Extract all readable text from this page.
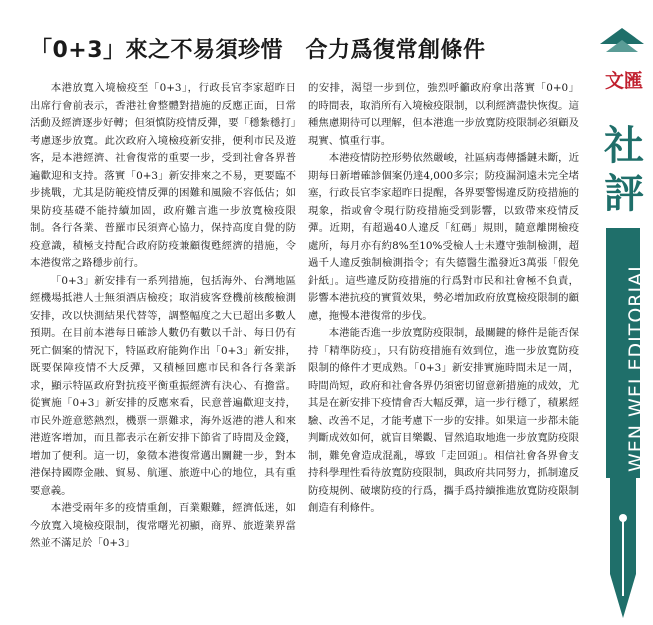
「0+3」來之不易須珍惜　合力爲復常創條件

本港放寬入境檢疫至「0+3」，行政長官李家超昨日出席行會前表示，香港社會整體對措施的反應正面，日常活動及經濟逐步好轉；但須慎防疫情反彈，要「穩紮穩打」考慮逐步放寬。此次政府入境檢疫新安排，便利市民及遊客，是本港經濟、社會復常的重要一步，受到社會各界普遍歡迎和支持。落實「0+3」新安排來之不易，更要臨不步挑戰，尤其是防範疫情反彈的困難和風險不容低估；如果防疫基礎不能持續加固，政府難言進一步放寬檢疫限制。各行各業、普羅市民須齊心協力，保持高度自覺的防疫意識，積極支持配合政府防疫兼顧復甦經濟的措施，令本港復常之路穩步前行。

「0+3」新安排有一系列措施，包括海外、台灣地區經機場抵港人士無須酒店檢疫；取消疲客登機前核酸檢測安排，改以快測結果代替等，調整幅度之大已超出多數人預期。在目前本港每日確診人數仍有數以千計、每日仍有死亡個案的情況下，特區政府能夠作出「0+3」新安排，既要保障疫情不大反彈，又積極回應市民和各行各業訴求，顯示特區政府對抗疫平衡重振經濟有決心、有擔當。從實施「0+3」新安排的反應來看，民意普遍歡迎支持，市民外遊意慾熱烈，機票一票難求，海外返港的港人和來港遊客增加，而且都表示在新安排下節省了時間及金錢，增加了便利。這一切，象徵本港復常邁出關鍵一步，對本港保持國際金融、貿易、航運、旅遊中心的地位，具有重要意義。

本港受兩年多的疫情重創，百業艱難，經濟低迷，如今放寬入境檢疫限制，復常曙光初顯，商界、旅遊業界當然並不滿足於「0+3」

的安排，渴望一步到位，強烈呼籲政府拿出落實「0+0」的時間表，取消所有入境檢疫限制，以利經濟盡快恢復。這種焦慮期待可以理解，但本港進一步放寬防疫限制必須顧及現實、慎重行事。

本港疫情防控形勢依然嚴峻，社區病毒傳播鏈未斷，近期每日新增確診個案仍達4,000多宗；防疫漏洞遠未完全堵塞，行政長官李家超昨日提醒，各界要警惕違反防疫措施的現象，指或會令現行防疫措施受到影響，以致帶來疫情反彈。近期，有超過40人違反「紅碼」規則，隨意離開檢疫處所，每月亦有約8%至10%受檢人士未遵守強制檢測，超過千人違反強制檢測指令；有失德醫生濫發近3萬張「假免針紙」。這些違反防疫措施的行爲對市民和社會極不負責，影響本港抗疫的實質效果，勢必增加政府放寬檢疫限制的顧慮，拖慢本港復常的步伐。

本港能否進一步放寬防疫限制，最關鍵的條件是能否保持「精準防疫」，只有防疫措施有效到位，進一步放寬防疫限制的條件才更成熟。「0+3」新安排實施時間未足一周，時間尚短，政府和社會各界仍須密切留意新措施的成效，尤其是在新安排下疫情會否大幅反彈，這一步行穩了，積累經驗、改善不足，才能考慮下一步的安排。如果這一步都未能判斷成效如何，就盲目樂觀、冒然追取地進一步放寬防疫限制，難免會造成混亂，導致「走回頭」。相信社會各界會支持科學理性看待放寬防疫限制，與政府共同努力，抓制違反防疫規例、破壞防疫的行爲，攜手爲持續推進放寬防疫限制創造有利條件。

文匯
社評
WEN WEI EDITORIAL
